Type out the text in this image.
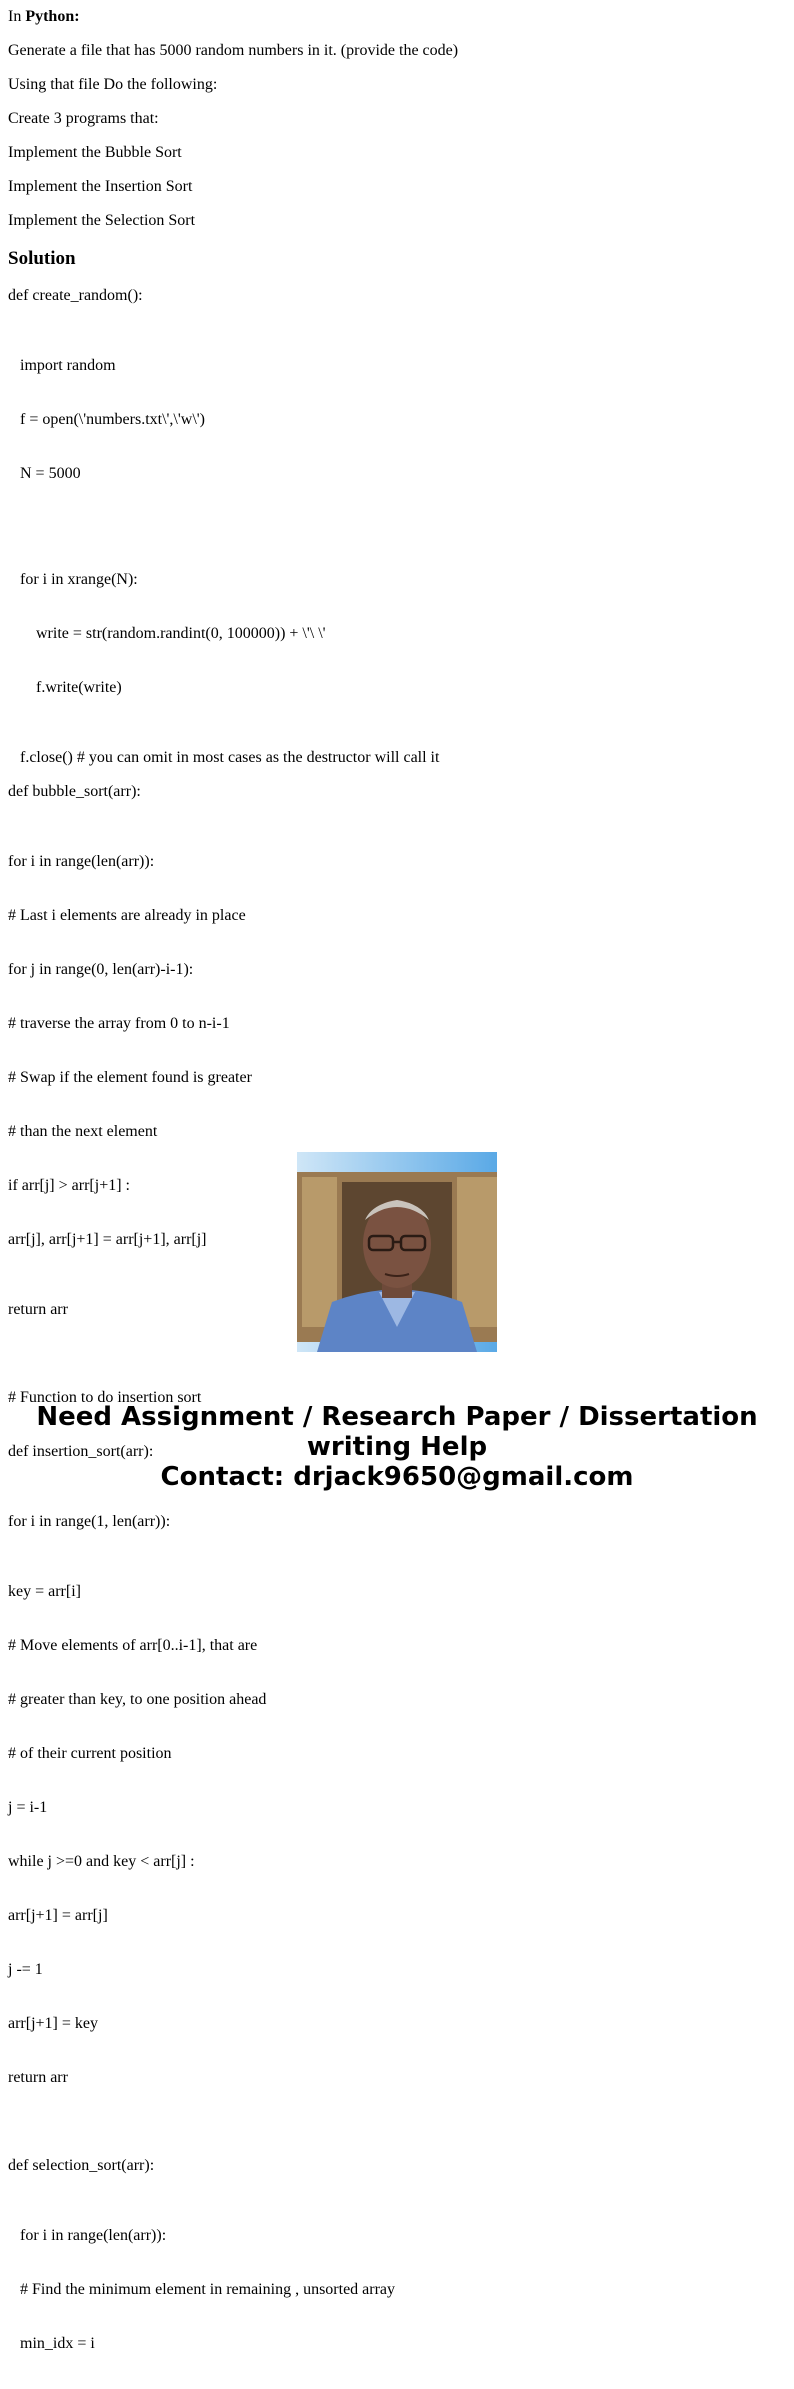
In Python:

Generate a file that has 5000 random numbers in it. (provide the code)

Using that file Do the following:

Create 3 programs that:

Implement the Bubble Sort

Implement the Insertion Sort

Implement the Selection Sort

Solution

def create_random():

import random

f = open(\'numbers.txt\',\'w\')

N = 5000

for i in xrange(N):

write = str(random.randint(0, 100000)) + \'\ \'

f.write(write)

f.close() # you can omit in most cases as the destructor will call it

def bubble_sort(arr):

for i in range(len(arr)):

# Last i elements are already in place

for j in range(0, len(arr)-i-1):

# traverse the array from 0 to n-i-1

# Swap if the element found is greater

# than the next element

if arr[j] > arr[j+1] :

arr[j], arr[j+1] = arr[j+1], arr[j]

return arr

# Function to do insertion sort

def insertion_sort(arr):

for i in range(1, len(arr)):

key = arr[i]

# Move elements of arr[0..i-1], that are

# greater than key, to one position ahead

# of their current position

j = i-1

while j >=0 and key < arr[j] :

arr[j+1] = arr[j]

j -= 1

arr[j+1] = key

return arr

def selection_sort(arr):

for i in range(len(arr)):

# Find the minimum element in remaining , unsorted array

min_idx = i

Need Assignment / Research Paper / Dissertation
writing Help
Contact: drjack9650@gmail.com
